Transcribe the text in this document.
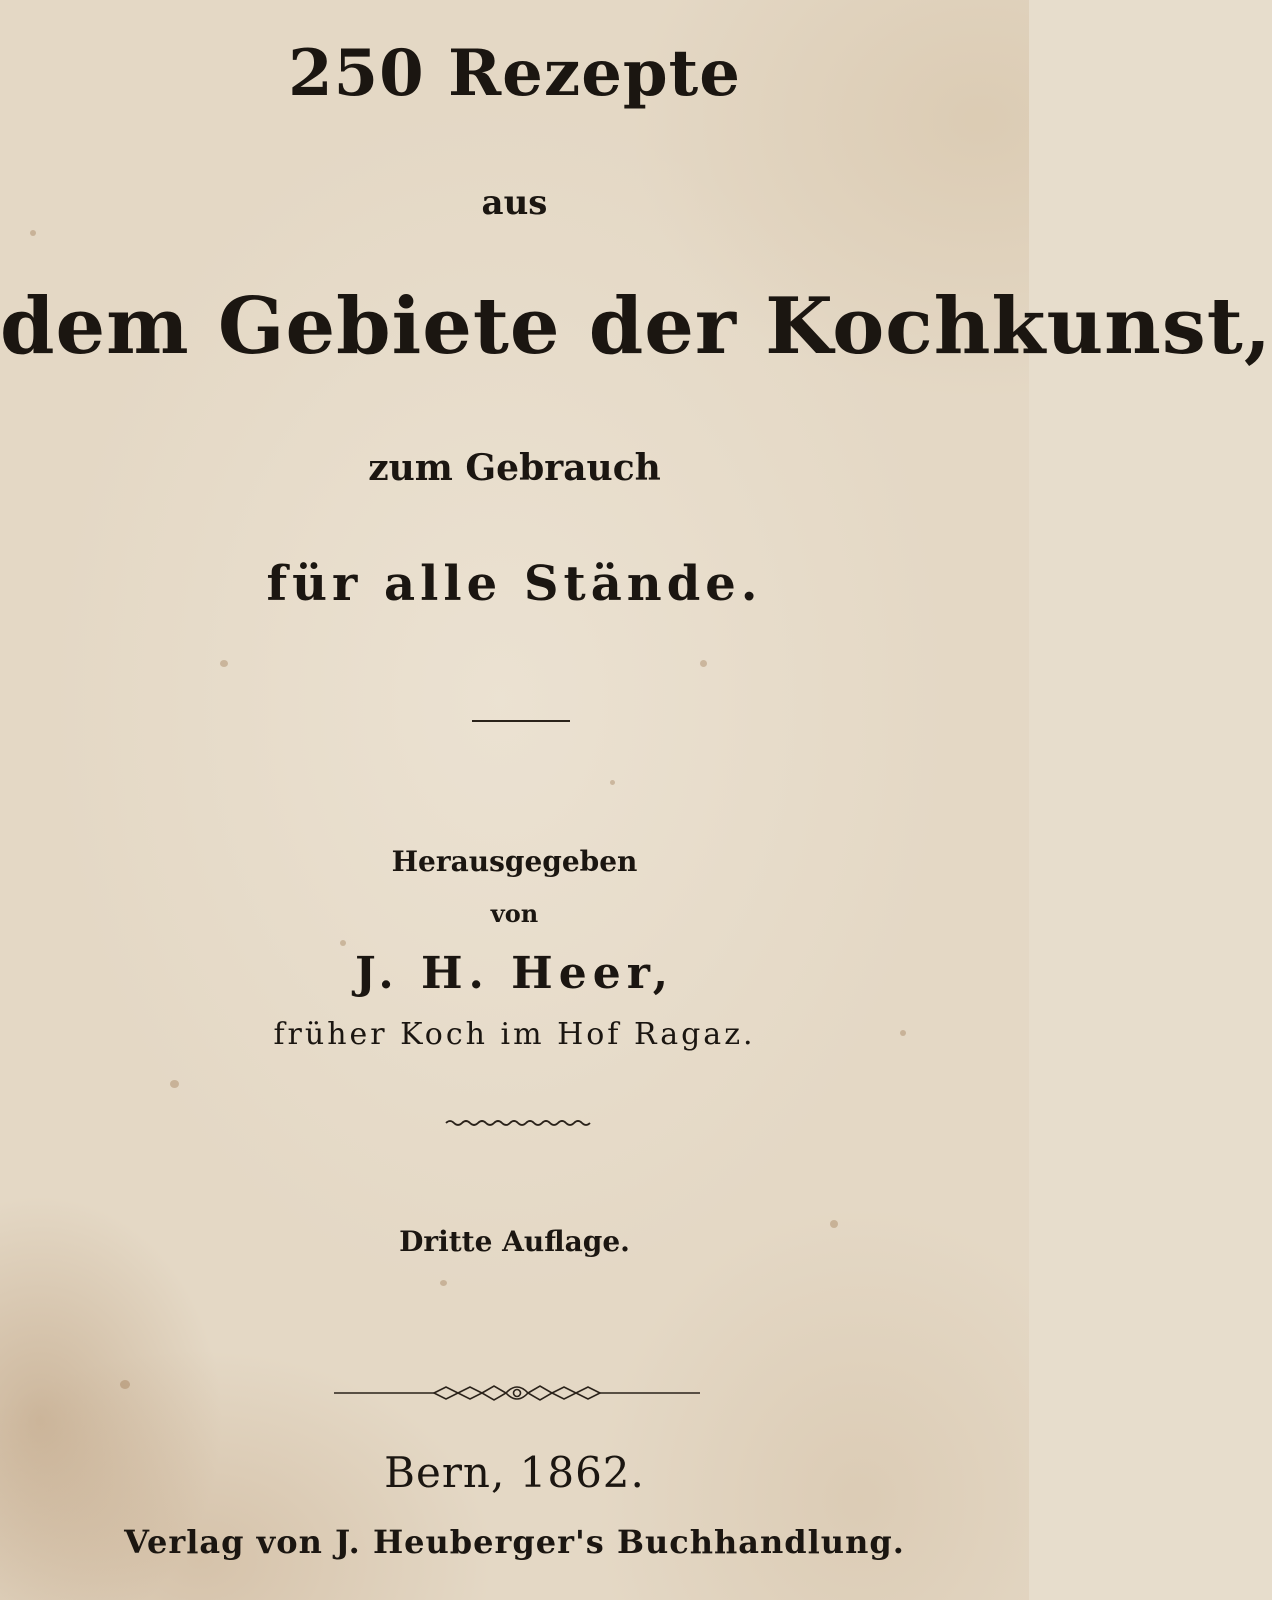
250 Rezepte
aus
dem Gebiete der Kochkunst,
zum Gebrauch
für alle Stände.
Herausgegeben
von
J. H. Heer,
früher Koch im Hof Ragaz.
Dritte Auflage.
Bern, 1862.
Verlag von J. Heuberger's Buchhandlung.
